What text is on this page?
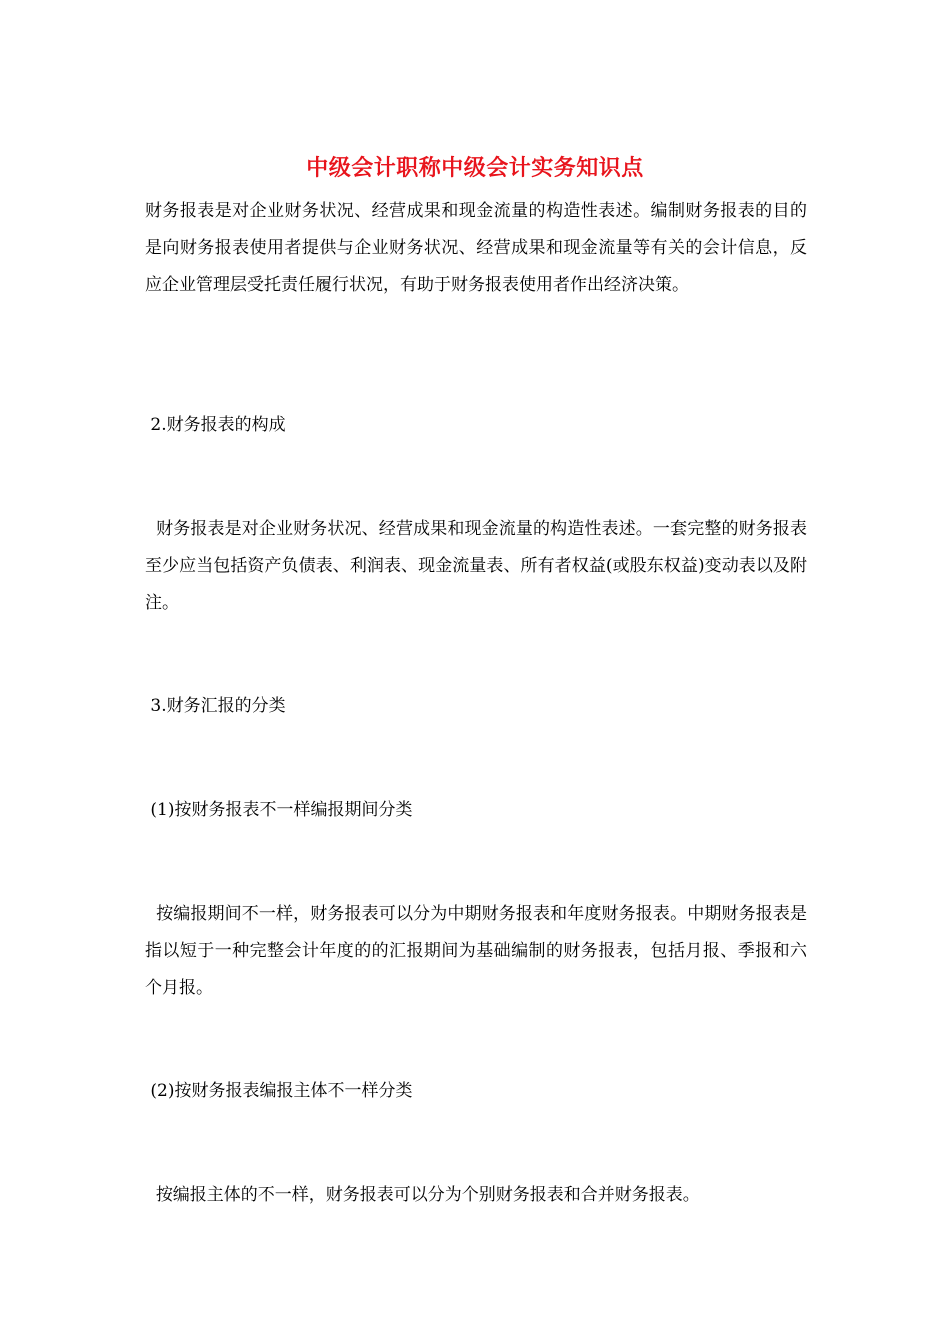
中级会计职称中级会计实务知识点

财务报表是对企业财务状况、经营成果和现金流量的构造性表述。编制财务报表的目的是向财务报表使用者提供与企业财务状况、经营成果和现金流量等有关的会计信息，反应企业管理层受托责任履行状况，有助于财务报表使用者作出经济决策。

2.财务报表的构成

财务报表是对企业财务状况、经营成果和现金流量的构造性表述。一套完整的财务报表至少应当包括资产负债表、利润表、现金流量表、所有者权益(或股东权益)变动表以及附注。

3.财务汇报的分类

(1)按财务报表不一样编报期间分类

按编报期间不一样，财务报表可以分为中期财务报表和年度财务报表。中期财务报表是指以短于一种完整会计年度的的汇报期间为基础编制的财务报表，包括月报、季报和六个月报。

(2)按财务报表编报主体不一样分类

按编报主体的不一样，财务报表可以分为个别财务报表和合并财务报表。
